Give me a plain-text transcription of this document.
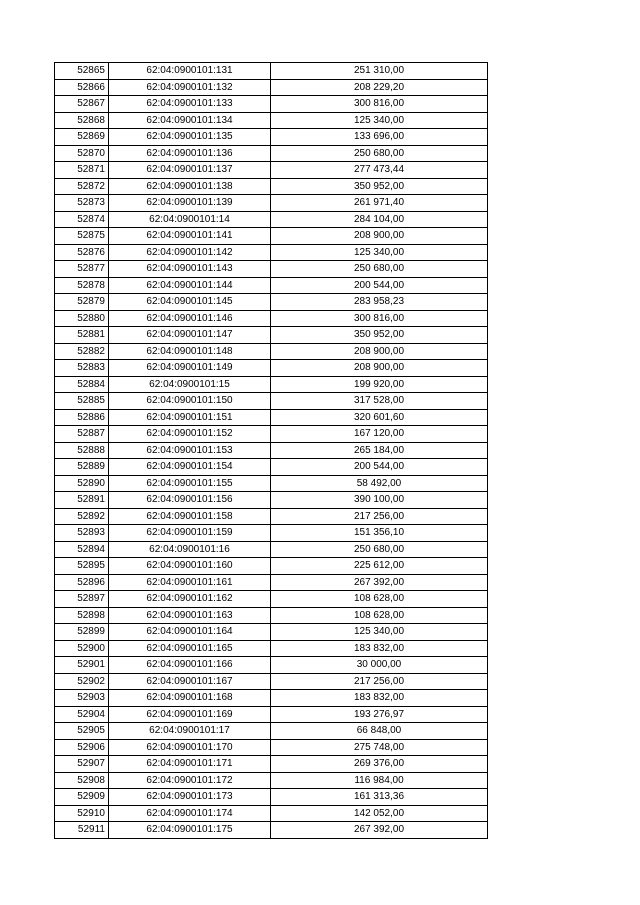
52865	62:04:0900101:131	251 310,00
52866	62:04:0900101:132	208 229,20
52867	62:04:0900101:133	300 816,00
52868	62:04:0900101:134	125 340,00
52869	62:04:0900101:135	133 696,00
52870	62:04:0900101:136	250 680,00
52871	62:04:0900101:137	277 473,44
52872	62:04:0900101:138	350 952,00
52873	62:04:0900101:139	261 971,40
52874	62:04:0900101:14	284 104,00
52875	62:04:0900101:141	208 900,00
52876	62:04:0900101:142	125 340,00
52877	62:04:0900101:143	250 680,00
52878	62:04:0900101:144	200 544,00
52879	62:04:0900101:145	283 958,23
52880	62:04:0900101:146	300 816,00
52881	62:04:0900101:147	350 952,00
52882	62:04:0900101:148	208 900,00
52883	62:04:0900101:149	208 900,00
52884	62:04:0900101:15	199 920,00
52885	62:04:0900101:150	317 528,00
52886	62:04:0900101:151	320 601,60
52887	62:04:0900101:152	167 120,00
52888	62:04:0900101:153	265 184,00
52889	62:04:0900101:154	200 544,00
52890	62:04:0900101:155	58 492,00
52891	62:04:0900101:156	390 100,00
52892	62:04:0900101:158	217 256,00
52893	62:04:0900101:159	151 356,10
52894	62:04:0900101:16	250 680,00
52895	62:04:0900101:160	225 612,00
52896	62:04:0900101:161	267 392,00
52897	62:04:0900101:162	108 628,00
52898	62:04:0900101:163	108 628,00
52899	62:04:0900101:164	125 340,00
52900	62:04:0900101:165	183 832,00
52901	62:04:0900101:166	30 000,00
52902	62:04:0900101:167	217 256,00
52903	62:04:0900101:168	183 832,00
52904	62:04:0900101:169	193 276,97
52905	62:04:0900101:17	66 848,00
52906	62:04:0900101:170	275 748,00
52907	62:04:0900101:171	269 376,00
52908	62:04:0900101:172	116 984,00
52909	62:04:0900101:173	161 313,36
52910	62:04:0900101:174	142 052,00
52911	62:04:0900101:175	267 392,00
